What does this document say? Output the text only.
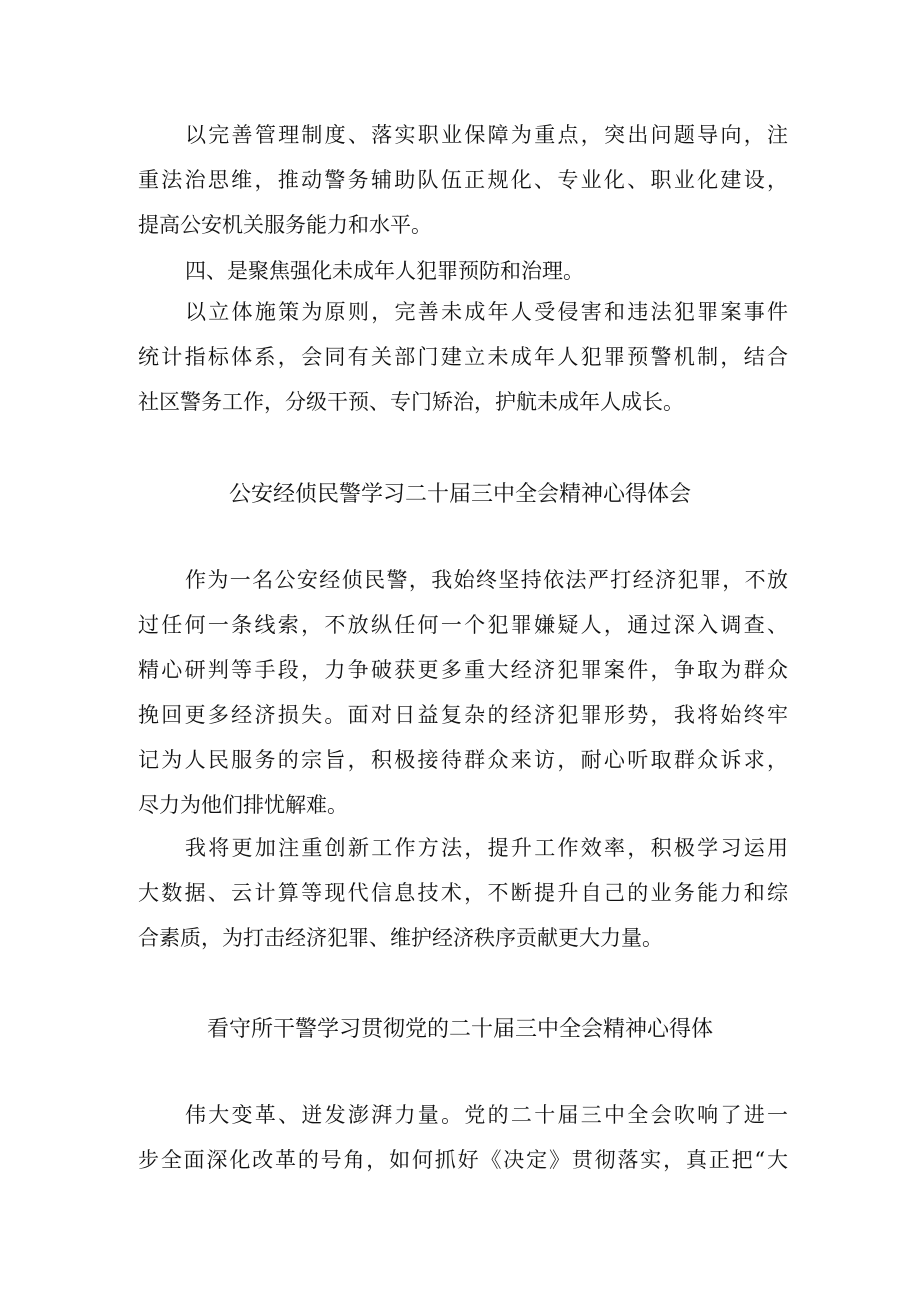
以完善管理制度、落实职业保障为重点，突出问题导向，注
重法治思维，推动警务辅助队伍正规化、专业化、职业化建设，
提高公安机关服务能力和水平。
四、是聚焦强化未成年人犯罪预防和治理。
以立体施策为原则，完善未成年人受侵害和违法犯罪案事件
统计指标体系，会同有关部门建立未成年人犯罪预警机制，结合
社区警务工作，分级干预、专门矫治，护航未成年人成长。
公安经侦民警学习二十届三中全会精神心得体会
作为一名公安经侦民警，我始终坚持依法严打经济犯罪，不放
过任何一条线索，不放纵任何一个犯罪嫌疑人，通过深入调查、
精心研判等手段，力争破获更多重大经济犯罪案件，争取为群众
挽回更多经济损失。面对日益复杂的经济犯罪形势，我将始终牢
记为人民服务的宗旨，积极接待群众来访，耐心听取群众诉求，
尽力为他们排忧解难。
我将更加注重创新工作方法，提升工作效率，积极学习运用
大数据、云计算等现代信息技术，不断提升自己的业务能力和综
合素质，为打击经济犯罪、维护经济秩序贡献更大力量。
看守所干警学习贯彻党的二十届三中全会精神心得体
伟大变革、迸发澎湃力量。党的二十届三中全会吹响了进一
步全面深化改革的号角，如何抓好《决定》贯彻落实，真正把“大
